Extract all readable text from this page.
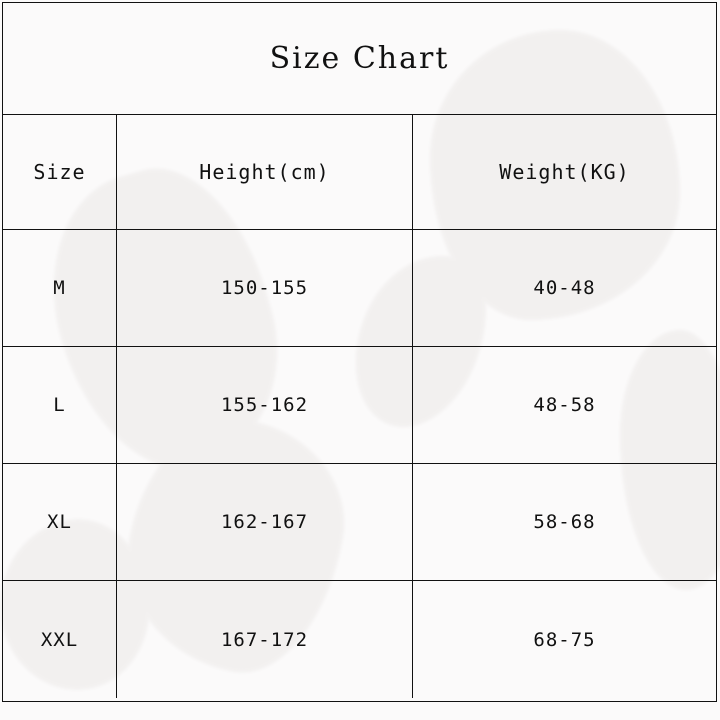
Size Chart
Size	Height(cm)	Weight(KG)
M	150-155	40-48
L	155-162	48-58
XL	162-167	58-68
XXL	167-172	68-75
